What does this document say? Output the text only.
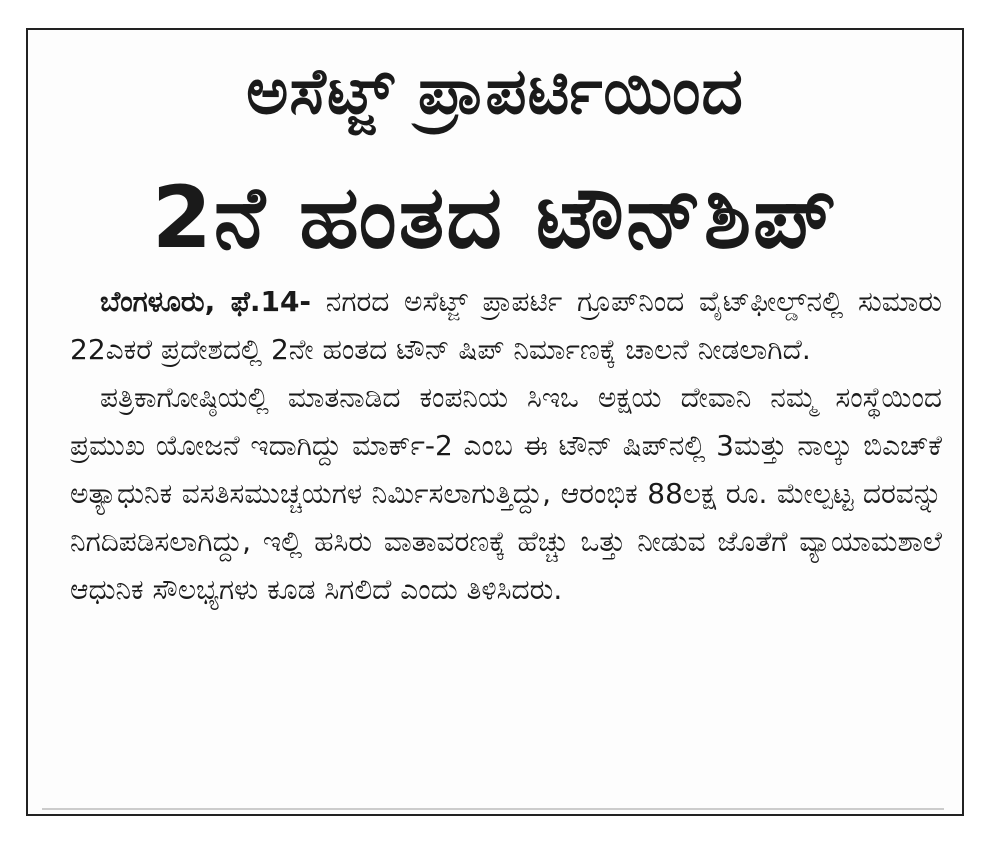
ಅಸೆಟ್ಜ್ ಪ್ರಾಪರ್ಟಿಯಿಂದ
2ನೆ ಹಂತದ ಟೌನ್‌ಶಿಪ್

ಬೆಂಗಳೂರು, ಫೆ.14- ನಗರದ ಅಸೆಟ್ಜ್ ಪ್ರಾಪರ್ಟಿ ಗ್ರೂಪ್‌ನಿಂದ ವೈಟ್‌ಫೀಲ್ಡ್‌ನಲ್ಲಿ ಸುಮಾರು 22ಎಕರೆ ಪ್ರದೇಶದಲ್ಲಿ 2ನೇ ಹಂತದ ಟೌನ್ ಷಿಪ್ ನಿರ್ಮಾಣಕ್ಕೆ ಚಾಲನೆ ನೀಡಲಾಗಿದೆ.

ಪತ್ರಿಕಾಗೋಷ್ಠಿಯಲ್ಲಿ ಮಾತನಾಡಿದ ಕಂಪನಿಯ ಸಿಇಒ ಅಕ್ಷಯ ದೇವಾನಿ ನಮ್ಮ ಸಂಸ್ಥೆಯಿಂದ ಪ್ರಮುಖ ಯೋಜನೆ ಇದಾಗಿದ್ದು ಮಾರ್ಕ್-2 ಎಂಬ ಈ ಟೌನ್ ಷಿಪ್‌ನಲ್ಲಿ 3ಮತ್ತು ನಾಲ್ಕು ಬಿಎಚ್‌ಕೆ ಅತ್ಯಾಧುನಿಕ ವಸತಿಸಮುಚ್ಚಯಗಳ ನಿರ್ಮಿಸಲಾಗುತ್ತಿದ್ದು, ಆರಂಭಿಕ 88ಲಕ್ಷ ರೂ. ಮೇಲ್ಪಟ್ಟ ದರವನ್ನು ನಿಗದಿಪಡಿಸಲಾಗಿದ್ದು, ಇಲ್ಲಿ ಹಸಿರು ವಾತಾವರಣಕ್ಕೆ ಹೆಚ್ಚು ಒತ್ತು ನೀಡುವ ಜೊತೆಗೆ ವ್ಯಾಯಾಮಶಾಲೆ ಆಧುನಿಕ ಸೌಲಭ್ಯಗಳು ಕೂಡ ಸಿಗಲಿದೆ ಎಂದು ತಿಳಿಸಿದರು.
